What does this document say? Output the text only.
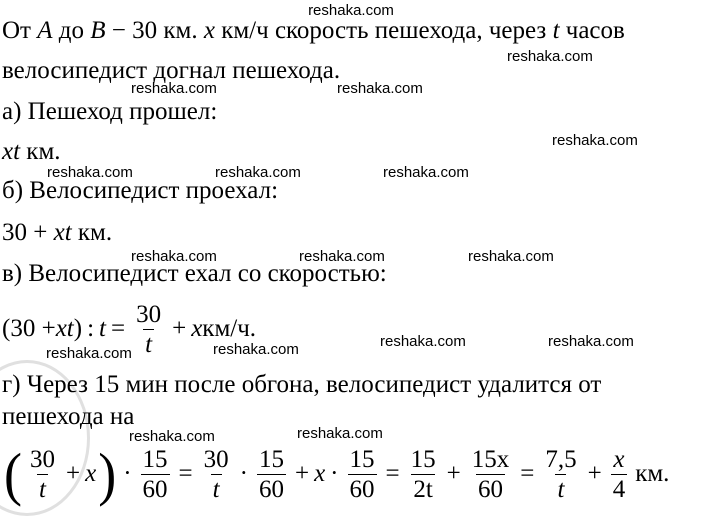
reshaka.com
От A до B − 30 км. x км/ч скорость пешехода, через t часов
велосипедист догнал пешехода.
а) Пешеход прошел:
xt км.
б) Велосипедист проехал:
30 + xt км.
в) Велосипедист ехал со скоростью:
(30 + xt ) : $t = \frac{30}{t} + x$ км/ч.
г) Через 15 мин после обгона, велосипедист удалится от
пешехода на
( $\frac{30}{t} + x$ ) · $\frac{15}{60} = \frac{30}{t} \cdot \frac{15}{60} + x \cdot \frac{15}{60} = \frac{15}{2t} + \frac{15x}{60} = \frac{7,5}{t} + \frac{x}{4}$ км.
reshaka.com
reshaka.com	reshaka.com
reshaka.com
reshaka.com	reshaka.com	reshaka.com
reshaka.com	reshaka.com	reshaka.com
reshaka.com	reshaka.com	reshaka.com	reshaka.com
reshaka.com	reshaka.com
